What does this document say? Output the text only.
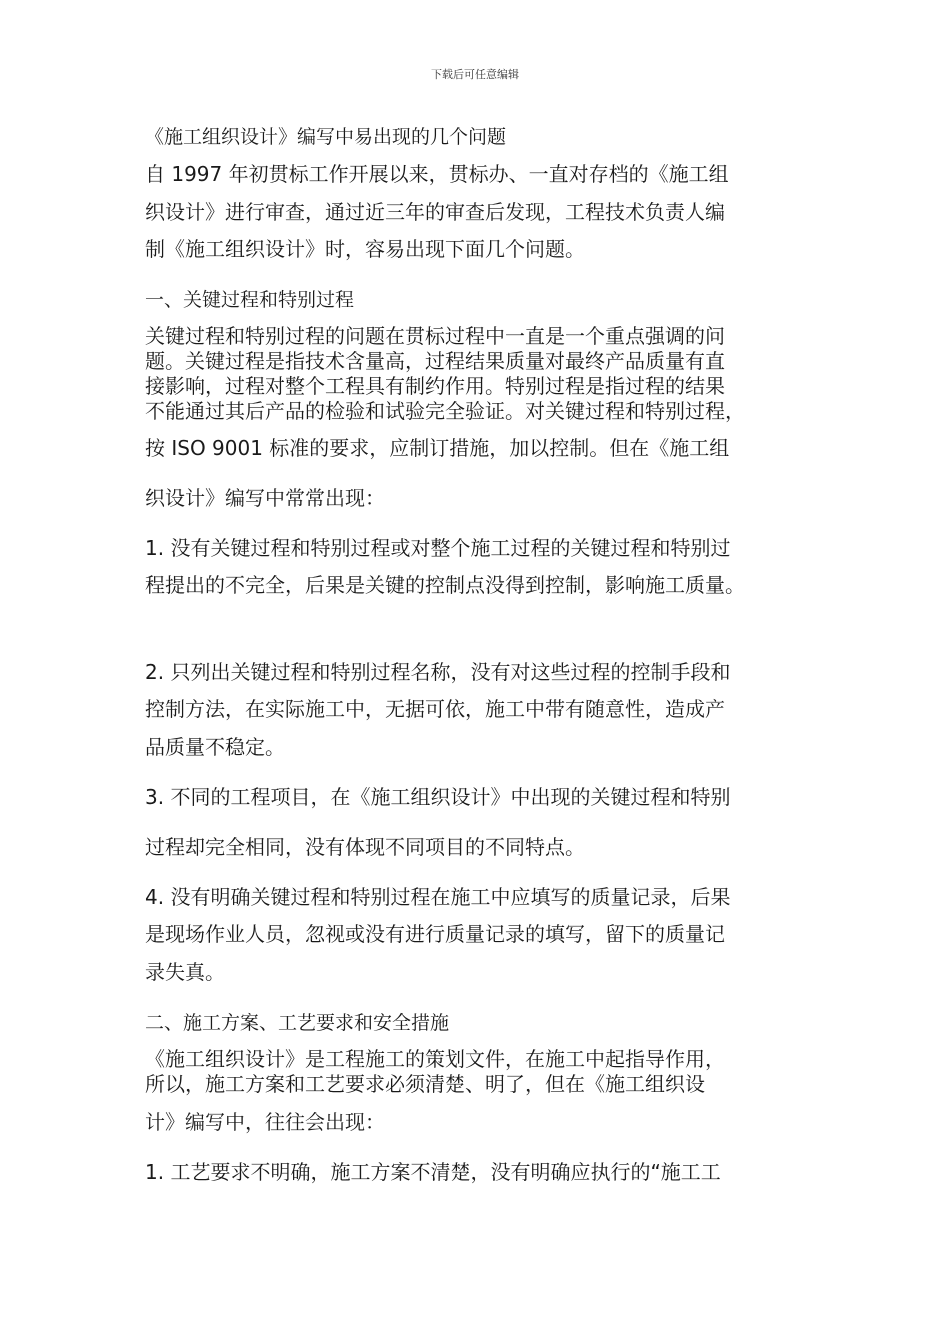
下载后可任意编辑
《施工组织设计》编写中易出现的几个问题
自 1997 年初贯标工作开展以来，贯标办、一直对存档的《施工组
织设计》进行审查，通过近三年的审查后发现，工程技术负责人编
制《施工组织设计》时，容易出现下面几个问题。
一、关键过程和特别过程
关键过程和特别过程的问题在贯标过程中一直是一个重点强调的问
题。关键过程是指技术含量高，过程结果质量对最终产品质量有直
接影响，过程对整个工程具有制约作用。特别过程是指过程的结果
不能通过其后产品的检验和试验完全验证。对关键过程和特别过程，
按 ISO 9001 标准的要求，应制订措施，加以控制。但在《施工组
织设计》编写中常常出现：
1. 没有关键过程和特别过程或对整个施工过程的关键过程和特别过
程提出的不完全，后果是关键的控制点没得到控制，影响施工质量。
2. 只列出关键过程和特别过程名称，没有对这些过程的控制手段和
控制方法，在实际施工中，无据可依，施工中带有随意性，造成产
品质量不稳定。
3. 不同的工程项目，在《施工组织设计》中出现的关键过程和特别
过程却完全相同，没有体现不同项目的不同特点。
4. 没有明确关键过程和特别过程在施工中应填写的质量记录，后果
是现场作业人员，忽视或没有进行质量记录的填写，留下的质量记
录失真。
二、施工方案、工艺要求和安全措施
《施工组织设计》是工程施工的策划文件，在施工中起指导作用，
所以，施工方案和工艺要求必须清楚、明了，但在《施工组织设
计》编写中，往往会出现：
1. 工艺要求不明确，施工方案不清楚，没有明确应执行的“施工工
